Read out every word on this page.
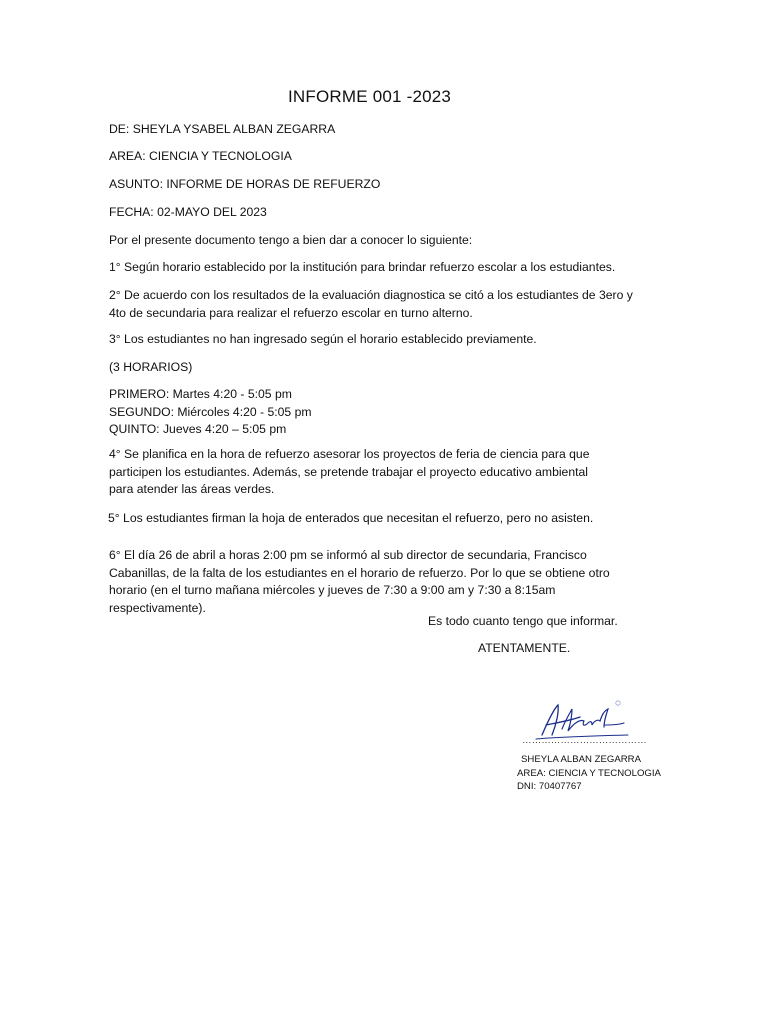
INFORME 001 -2023
DE: SHEYLA YSABEL ALBAN ZEGARRA
AREA: CIENCIA Y TECNOLOGIA
ASUNTO: INFORME DE HORAS DE REFUERZO
FECHA: 02-MAYO DEL 2023
Por el presente documento tengo a bien dar a conocer lo siguiente:
1° Según horario establecido por la institución para brindar refuerzo escolar a los estudiantes.
2° De acuerdo con los resultados de la evaluación diagnostica se citó a los estudiantes de 3ero y
4to de secundaria para realizar el refuerzo escolar en turno alterno.
3° Los estudiantes no han ingresado según el horario establecido previamente.
(3 HORARIOS)
PRIMERO: Martes 4:20 - 5:05 pm
SEGUNDO: Miércoles 4:20 - 5:05 pm
QUINTO: Jueves 4:20 – 5:05 pm
4° Se planifica en la hora de refuerzo asesorar los proyectos de feria de ciencia para que
participen los estudiantes. Además, se pretende trabajar el proyecto educativo ambiental
para atender las áreas verdes.
5° Los estudiantes firman la hoja de enterados que necesitan el refuerzo, pero no asisten.
6° El día 26 de abril a horas 2:00 pm se informó al sub director de secundaria, Francisco
Cabanillas, de la falta de los estudiantes en el horario de refuerzo. Por lo que se obtiene otro
horario (en el turno mañana miércoles y jueves de 7:30 a 9:00 am y 7:30 a 8:15am
respectivamente).
Es todo cuanto tengo que informar.
ATENTAMENTE.
…………………………………
SHEYLA ALBAN ZEGARRA
AREA: CIENCIA Y TECNOLOGIA
DNI: 70407767
